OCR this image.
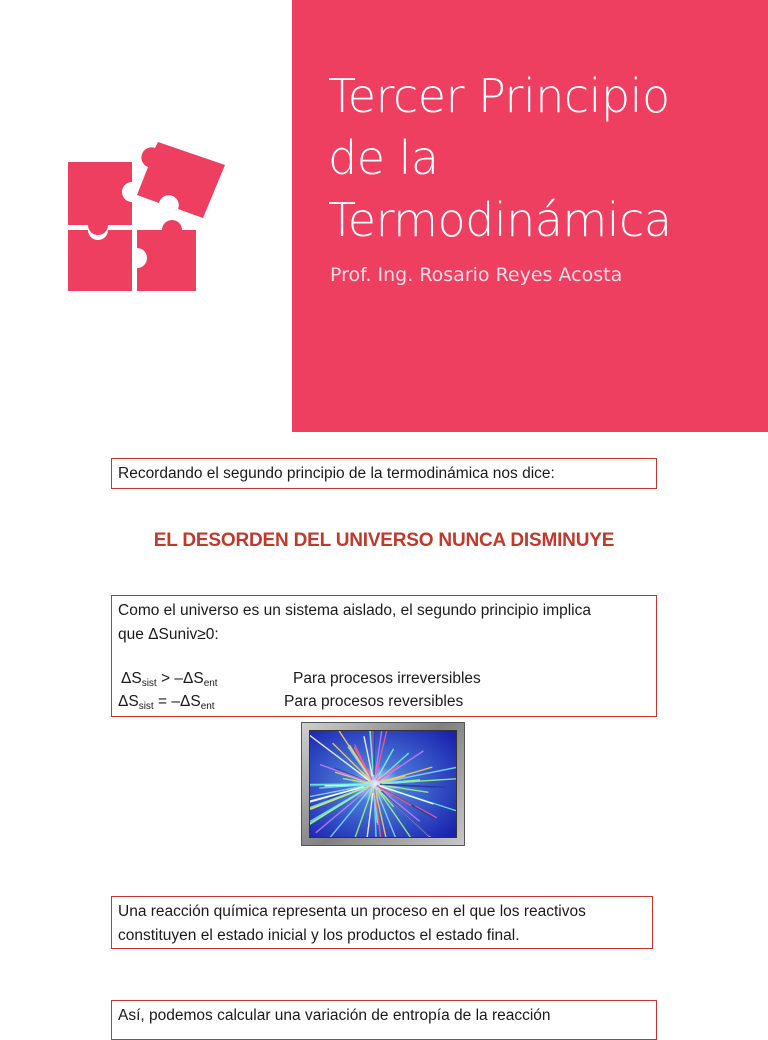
Tercer Principio
de la
Termodinámica
Prof. Ing. Rosario Reyes Acosta
Recordando el segundo principio de la termodinámica nos dice:
EL DESORDEN DEL UNIVERSO NUNCA DISMINUYE
Como el universo es un sistema aislado, el segundo principio implica
que ΔSuniv≥0:
$\Delta S_{sist} > -\Delta S_{ent}$	Para procesos irreversibles
$\Delta S_{sist} = -\Delta S_{ent}$	Para procesos reversibles
Una reacción química representa un proceso en el que los reactivos
constituyen el estado inicial y los productos el estado final.
Así, podemos calcular una variación de entropía de la reacción
